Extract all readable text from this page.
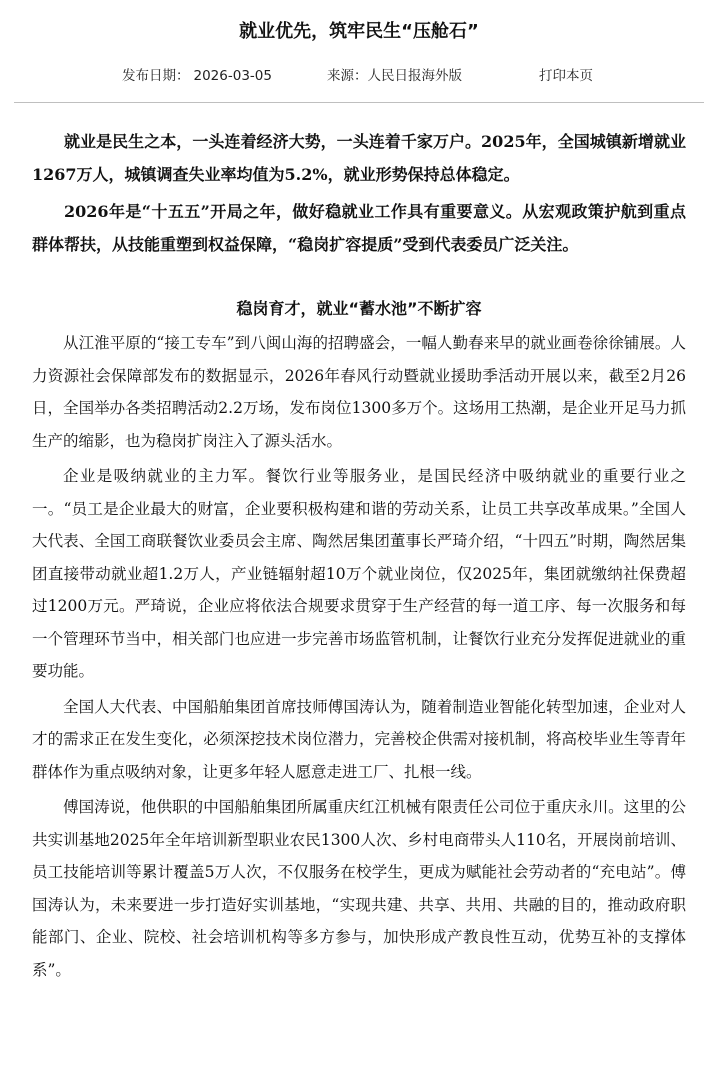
就业优先，筑牢民生“压舱石”
发布日期： 2026-03-05	来源：人民日报海外版	打印本页

就业是民生之本，一头连着经济大势，一头连着千家万户。2025年，全国城镇新增就业1267万人，城镇调查失业率均值为5.2%，就业形势保持总体稳定。

2026年是“十五五”开局之年，做好稳就业工作具有重要意义。从宏观政策护航到重点群体帮扶，从技能重塑到权益保障，“稳岗扩容提质”受到代表委员广泛关注。

稳岗育才，就业“蓄水池”不断扩容

从江淮平原的“接工专车”到八闽山海的招聘盛会，一幅人勤春来早的就业画卷徐徐铺展。人力资源社会保障部发布的数据显示，2026年春风行动暨就业援助季活动开展以来，截至2月26日，全国举办各类招聘活动2.2万场，发布岗位1300多万个。这场用工热潮，是企业开足马力抓生产的缩影，也为稳岗扩岗注入了源头活水。

企业是吸纳就业的主力军。餐饮行业等服务业，是国民经济中吸纳就业的重要行业之一。“员工是企业最大的财富，企业要积极构建和谐的劳动关系，让员工共享改革成果。”全国人大代表、全国工商联餐饮业委员会主席、陶然居集团董事长严琦介绍，“十四五”时期，陶然居集团直接带动就业超1.2万人，产业链辐射超10万个就业岗位，仅2025年，集团就缴纳社保费超过1200万元。严琦说，企业应将依法合规要求贯穿于生产经营的每一道工序、每一次服务和每一个管理环节当中，相关部门也应进一步完善市场监管机制，让餐饮行业充分发挥促进就业的重要功能。

全国人大代表、中国船舶集团首席技师傅国涛认为，随着制造业智能化转型加速，企业对人才的需求正在发生变化，必须深挖技术岗位潜力，完善校企供需对接机制，将高校毕业生等青年群体作为重点吸纳对象，让更多年轻人愿意走进工厂、扎根一线。

傅国涛说，他供职的中国船舶集团所属重庆红江机械有限责任公司位于重庆永川。这里的公共实训基地2025年全年培训新型职业农民1300人次、乡村电商带头人110名，开展岗前培训、员工技能培训等累计覆盖5万人次，不仅服务在校学生，更成为赋能社会劳动者的“充电站”。傅国涛认为，未来要进一步打造好实训基地，“实现共建、共享、共用、共融的目的，推动政府职能部门、企业、院校、社会培训机构等多方参与，加快形成产教良性互动，优势互补的支撑体系”。
